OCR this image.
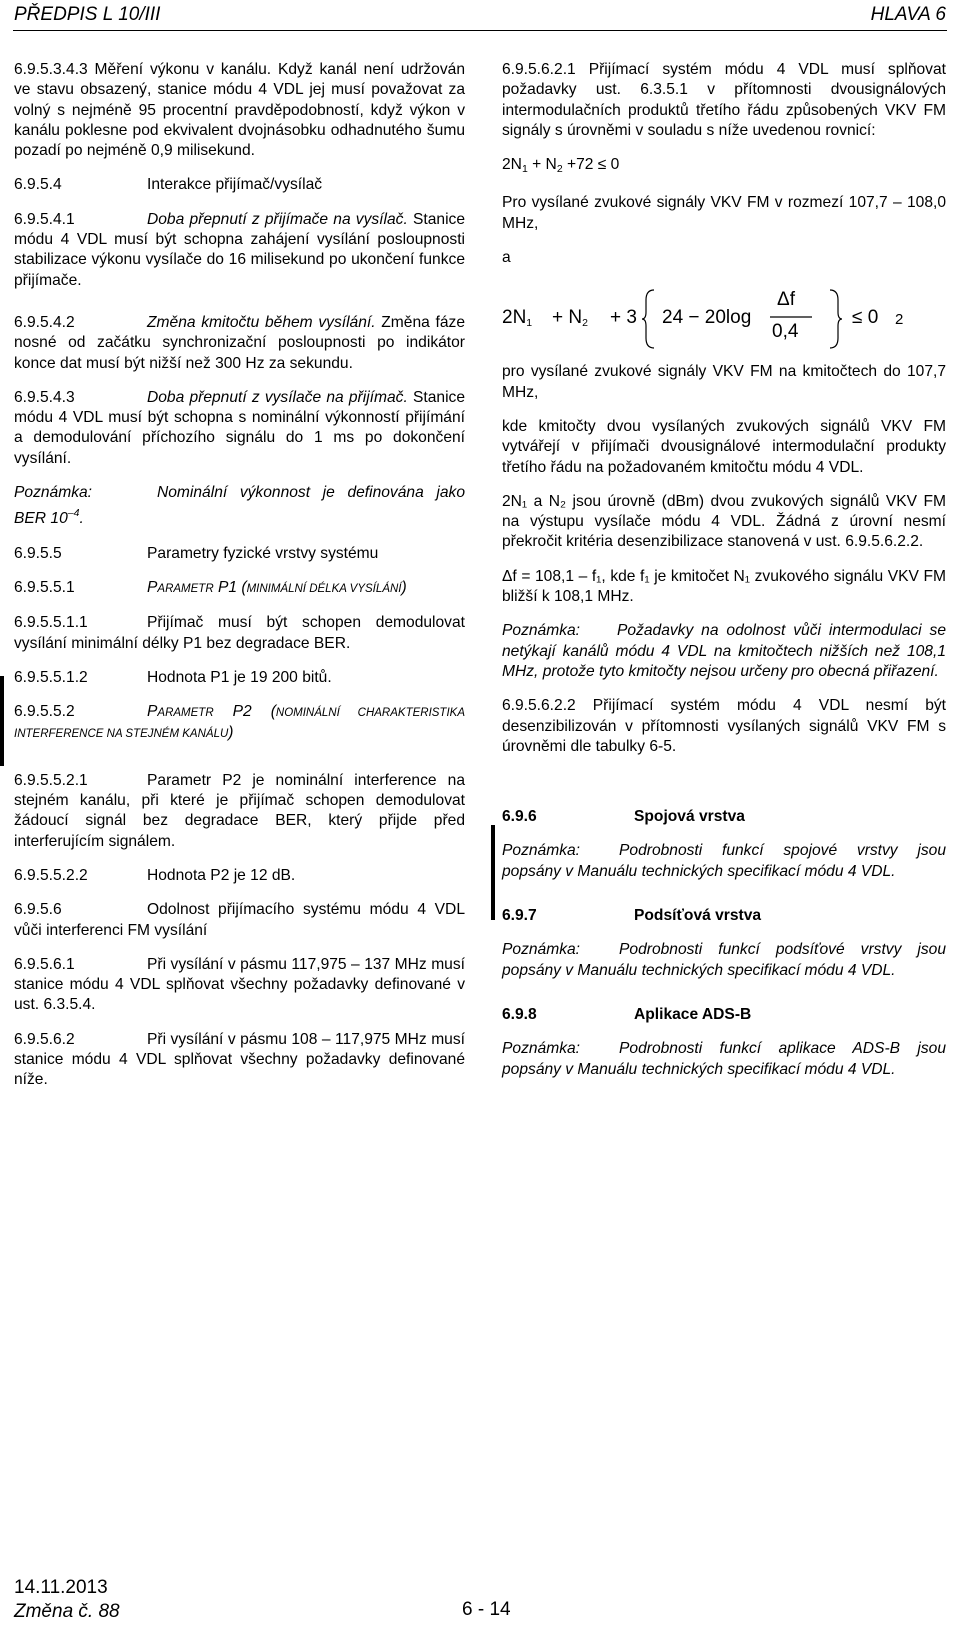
PŘEDPIS L 10/III	HLAVA 6

6.9.5.3.4.3 Měření výkonu v kanálu. Když kanál není udržován ve stavu obsazený, stanice módu 4 VDL jej musí považovat za volný s nejméně 95 procentní pravděpodobností, když výkon v kanálu poklesne pod ekvivalent dvojnásobku odhadnutého šumu pozadí po nejméně 0,9 milisekund.

6.9.5.4	Interakce přijímač/vysílač

6.9.5.4.1	Doba přepnutí z přijímače na vysílač. Stanice módu 4 VDL musí být schopna zahájení vysílání posloupnosti stabilizace výkonu vysílače do 16 milisekund po ukončení funkce přijímače.

6.9.5.4.2	Změna kmitočtu během vysílání. Změna fáze nosné od začátku synchronizační posloupnosti po indikátor konce dat musí být nižší než 300 Hz za sekundu.

6.9.5.4.3	Doba přepnutí z vysílače na přijímač. Stanice módu 4 VDL musí být schopna s nominální výkonností přijímání a demodulování příchozího signálu do 1 ms po dokončení vysílání.

Poznámka:	Nominální výkonnost je definována jako BER $10^{-4}$.

6.9.5.5	Parametry fyzické vrstvy systému
6.9.5.5.1	PARAMETR P1 (MINIMÁLNÍ DÉLKA VYSÍLÁNÍ)

6.9.5.5.1.1	Přijímač musí být schopen demodulovat vysílání minimální délky P1 bez degradace BER.

6.9.5.5.1.2	Hodnota P1 je 19 200 bitů.

6.9.5.5.2	PARAMETR P2 (NOMINÁLNÍ CHARAKTERISTIKA INTERFERENCE NA STEJNÉM KANÁLU)

6.9.5.5.2.1	Parametr P2 je nominální interference na stejném kanálu, při které je přijímač schopen demodulovat žádoucí signál bez degradace BER, který přijde před interferujícím signálem.

6.9.5.5.2.2	Hodnota P2 je 12 dB.

6.9.5.6	Odolnost přijímacího systému módu 4 VDL vůči interferenci FM vysílání

6.9.5.6.1	Při vysílání v pásmu 117,975 – 137 MHz musí stanice módu 4 VDL splňovat všechny požadavky definované v ust. 6.3.5.4.

6.9.5.6.2	Při vysílání v pásmu 108 – 117,975 MHz musí stanice módu 4 VDL splňovat všechny požadavky definované níže.

6.9.5.6.2.1 Přijímací systém módu 4 VDL musí splňovat požadavky ust. 6.3.5.1 v přítomnosti dvousignálových intermodulačních produktů třetího řádu způsobených VKV FM signály s úrovněmi v souladu s níže uvedenou rovnicí:

$2N_1 + N_2 +72 \le 0$

Pro vysílané zvukové signály VKV FM v rozmezí 107,7 – 108,0 MHz,

a

$2N_1 + N_2 + 3$ 24 − 20log
Δf
0,4
≤ 0 2

pro vysílané zvukové signály VKV FM na kmitočtech do 107,7 MHz,

kde kmitočty dvou vysílaných zvukových signálů VKV FM vytvářejí v přijímači dvousignálové intermodulační produkty třetího řádu na požadovaném kmitočtu módu 4 VDL.

2N₁ a N₂ jsou úrovně (dBm) dvou zvukových signálů VKV FM na výstupu vysílače módu 4 VDL. Žádná z úrovní nesmí překročit kritéria desenzibilizace stanovená v ust. 6.9.5.6.2.2.

Δf = 108,1 – f₁, kde f₁ je kmitočet N₁ zvukového signálu VKV FM bližší k 108,1 MHz.

Poznámka: Požadavky na odolnost vůči intermodulaci se netýkají kanálů módu 4 VDL na kmitočtech nižších než 108,1 MHz, protože tyto kmitočty nejsou určeny pro obecná přiřazení.

6.9.5.6.2.2 Přijímací systém módu 4 VDL nesmí být desenzibilizován v přítomnosti vysílaných signálů VKV FM s úrovněmi dle tabulky 6-5.

6.9.6	Spojová vrstva

Poznámka: Podrobnosti funkcí spojové vrstvy jsou popsány v Manuálu technických specifikací módu 4 VDL.

6.9.7	Podsíťová vrstva

Poznámka: Podrobnosti funkcí podsíťové vrstvy jsou popsány v Manuálu technických specifikací módu 4 VDL.

6.9.8	Aplikace ADS-B

Poznámka: Podrobnosti funkcí aplikace ADS-B jsou popsány v Manuálu technických specifikací módu 4 VDL.

14.11.2013
Změna č. 88	6 - 14
